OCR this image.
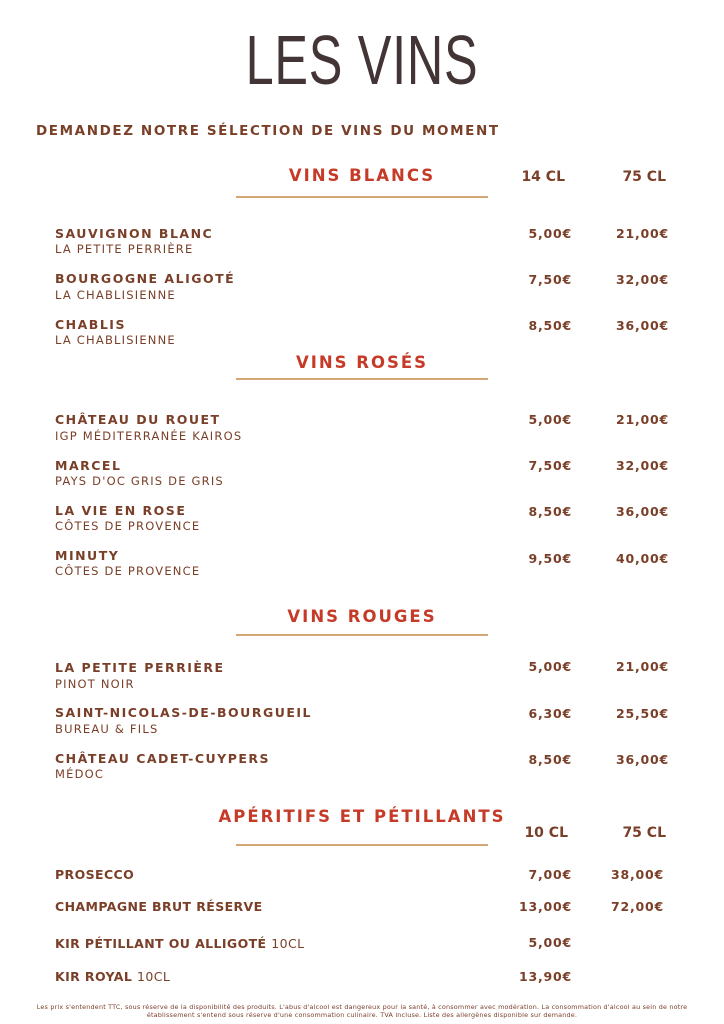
LES VINS
DEMANDEZ NOTRE SÉLECTION DE VINS DU MOMENT
VINS BLANCS	14 CL	75 CL
SAUVIGNON BLANC
LA PETITE PERRIÈRE
5,00€	21,00€
BOURGOGNE ALIGOTÉ
LA CHABLISIENNE
7,50€	32,00€
CHABLIS
LA CHABLISIENNE
8,50€	36,00€
VINS ROSÉS
CHÂTEAU DU ROUET
IGP MÉDITERRANÉE KAIROS
5,00€	21,00€
MARCEL
PAYS D'OC GRIS DE GRIS
7,50€	32,00€
LA VIE EN ROSE
CÔTES DE PROVENCE
8,50€	36,00€
MINUTY
CÔTES DE PROVENCE
9,50€	40,00€
VINS ROUGES
LA PETITE PERRIÈRE
PINOT NOIR
5,00€	21,00€
SAINT-NICOLAS-DE-BOURGUEIL
BUREAU & FILS
6,30€	25,50€
CHÂTEAU CADET-CUYPERS
MÉDOC
8,50€	36,00€
APÉRITIFS ET PÉTILLANTS
10 CL	75 CL
PROSECCO	7,00€	38,00€
CHAMPAGNE BRUT RÉSERVE	13,00€	72,00€
KIR PÉTILLANT OU ALLIGOTÉ 10CL	5,00€
KIR ROYAL 10CL	13,90€
Les prix s'entendent TTC, sous réserve de la disponibilité des produits. L'abus d'alcool est dangereux pour la santé, à consommer avec modération. La consommation d'alcool au sein de notre
établissement s'entend sous réserve d'une consommation culinaire. TVA incluse. Liste des allergènes disponible sur demande.
